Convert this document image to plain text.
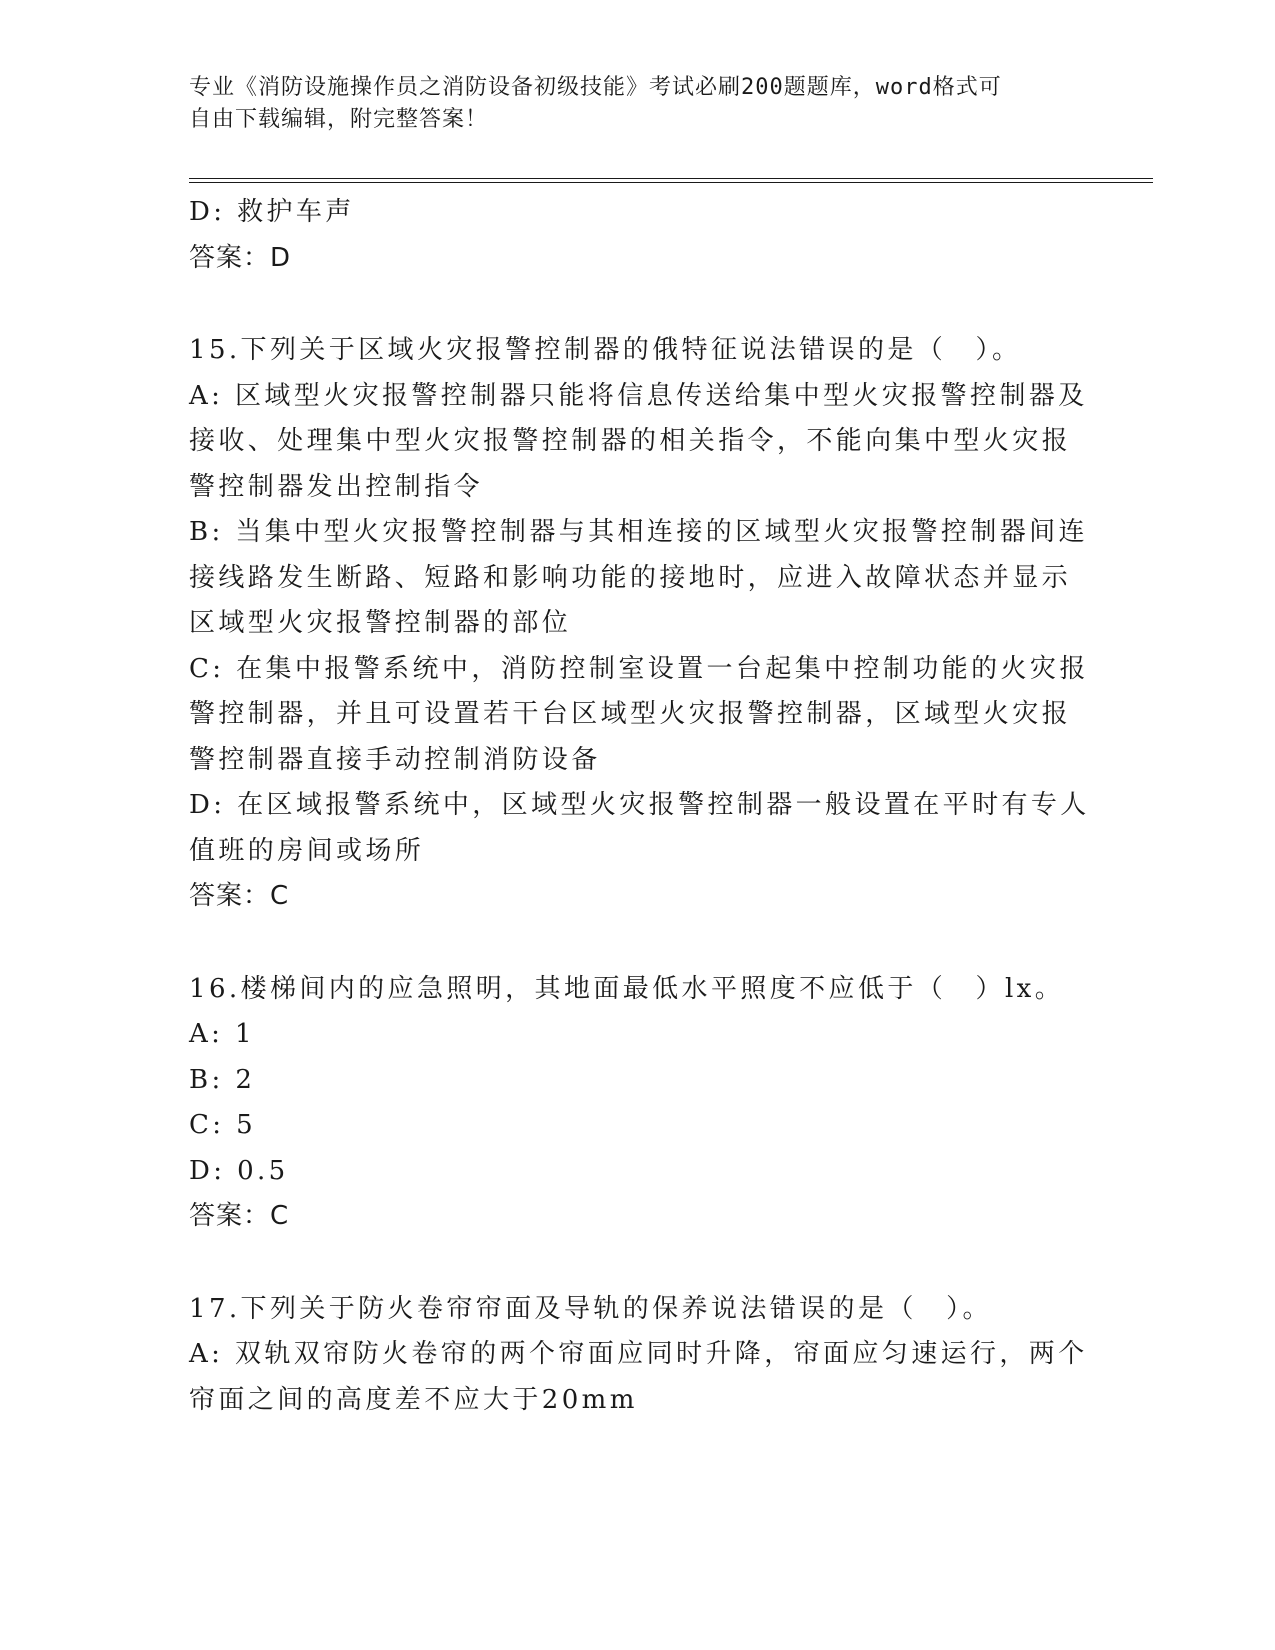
专业《消防设施操作员之消防设备初级技能》考试必刷200题题库，word格式可
自由下载编辑，附完整答案！
D: 救护车声
答案：D
15.下列关于区域火灾报警控制器的俄特征说法错误的是（　）。
A: 区域型火灾报警控制器只能将信息传送给集中型火灾报警控制器及
接收、处理集中型火灾报警控制器的相关指令，不能向集中型火灾报
警控制器发出控制指令
B: 当集中型火灾报警控制器与其相连接的区域型火灾报警控制器间连
接线路发生断路、短路和影响功能的接地时，应进入故障状态并显示
区域型火灾报警控制器的部位
C: 在集中报警系统中，消防控制室设置一台起集中控制功能的火灾报
警控制器，并且可设置若干台区域型火灾报警控制器，区域型火灾报
警控制器直接手动控制消防设备
D: 在区域报警系统中，区域型火灾报警控制器一般设置在平时有专人
值班的房间或场所
答案：C
16.楼梯间内的应急照明，其地面最低水平照度不应低于（　）lx。
A: 1
B: 2
C: 5
D: 0.5
答案：C
17.下列关于防火卷帘帘面及导轨的保养说法错误的是（　）。
A: 双轨双帘防火卷帘的两个帘面应同时升降，帘面应匀速运行，两个
帘面之间的高度差不应大于20mm
